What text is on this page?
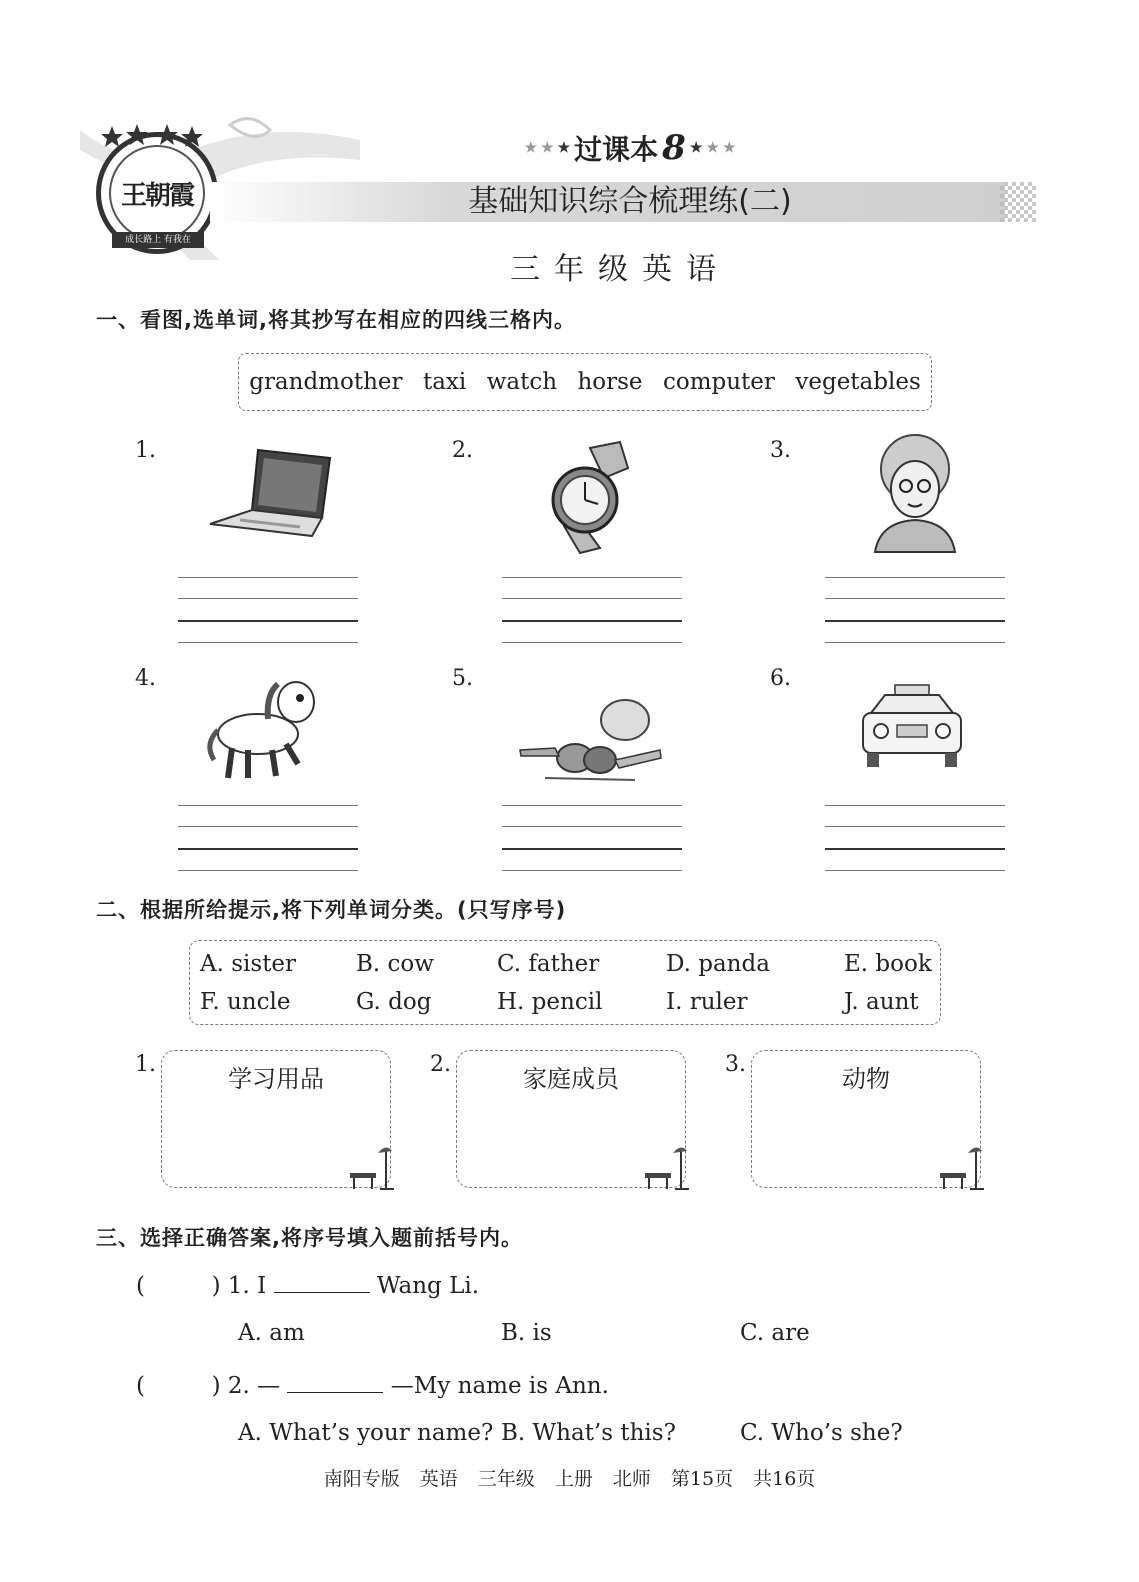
王朝霞
成长路上 有我在
★ ★ ★ 过课本 8 ★ ★ ★
基础知识综合梳理练(二)
三年级英语
一、看图,选单词,将其抄写在相应的四线三格内。
grandmother taxi watch horse computer vegetables
1.	2.	3.
4.	5.	6.
二、根据所给提示,将下列单词分类。(只写序号)
A. sister	B. cow	C. father	D. panda	E. book
F. uncle	G. dog	H. pencil	I. ruler	J. aunt
1.
学习用品
2.
家庭成员
3.
动物
三、选择正确答案,将序号填入题前括号内。
(	) 1. I	Wang Li.
A. am	B. is	C. are
(	) 2. —	—My name is Ann.
A. What’s your name? B. What’s this?	C. Who’s she?
南阳专版 英语 三年级 上册 北师 第15页 共16页
